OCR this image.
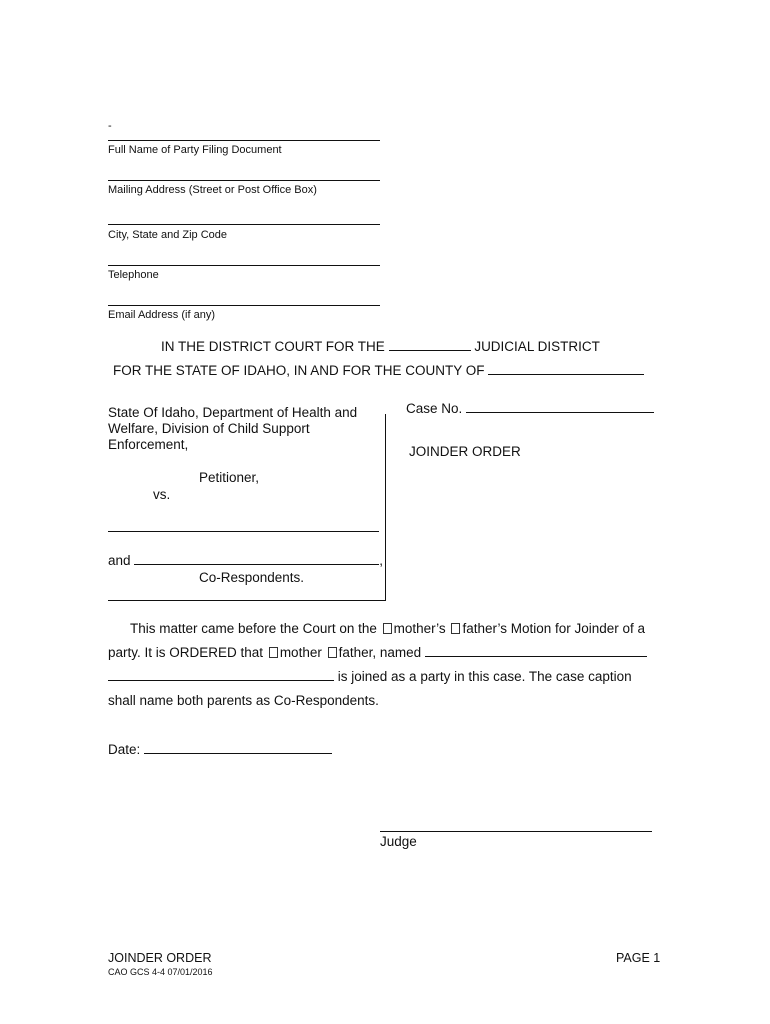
-
Full Name of Party Filing Document
Mailing Address (Street or Post Office Box)
City, State and Zip Code
Telephone
Email Address (if any)
IN THE DISTRICT COURT FOR THE	JUDICIAL DISTRICT
FOR THE STATE OF IDAHO, IN AND FOR THE COUNTY OF
State Of Idaho, Department of Health and
Welfare, Division of Child Support
Enforcement,
Petitioner,
vs.
and	,
Co-Respondents.
Case No.
JOINDER ORDER
This matter came before the Court on the mother’s father’s Motion for Joinder of a
party. It is ORDERED that mother father, named
is joined as a party in this case. The case caption
shall name both parents as Co-Respondents.
Date:
Judge
JOINDER ORDER
CAO GCS 4-4 07/01/2016
PAGE 1
